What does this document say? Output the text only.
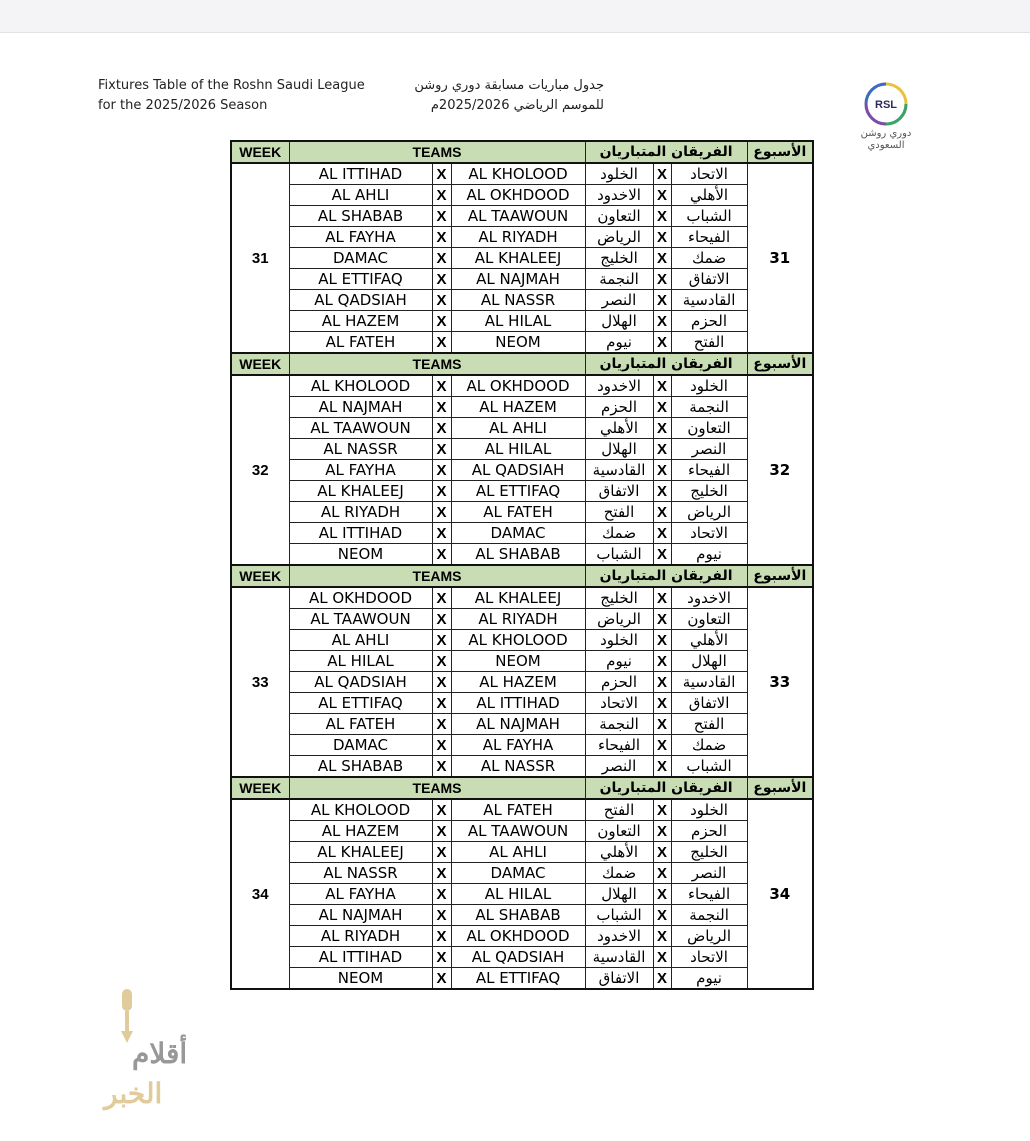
Fixtures Table of the Roshn Saudi League
for the 2025/2026 Season
جدول مباريات مسابقة دوري روشن
للموسم الرياضي 2025/2026م	RSL
دوري روشن
السعودي
WEEK	TEAMS			الفريقان المتباريان			الأسبوع
31	AL ITTIHAD	X	AL KHOLOOD	الخلود	X	الاتحاد	31
	AL AHLI	X	AL OKHDOOD	الاخدود	X	الأهلي	
	AL SHABAB	X	AL TAAWOUN	التعاون	X	الشباب	
	AL FAYHA	X	AL RIYADH	الرياض	X	الفيحاء	
	DAMAC	X	AL KHALEEJ	الخليج	X	ضمك	
	AL ETTIFAQ	X	AL NAJMAH	النجمة	X	الاتفاق	
	AL QADSIAH	X	AL NASSR	النصر	X	القادسية	
	AL HAZEM	X	AL HILAL	الهلال	X	الحزم	
	AL FATEH	X	NEOM	نيوم	X	الفتح	
WEEK	TEAMS			الفريقان المتباريان			الأسبوع
32	AL KHOLOOD	X	AL OKHDOOD	الاخدود	X	الخلود	32
	AL NAJMAH	X	AL HAZEM	الحزم	X	النجمة	
	AL TAAWOUN	X	AL AHLI	الأهلي	X	التعاون	
	AL NASSR	X	AL HILAL	الهلال	X	النصر	
	AL FAYHA	X	AL QADSIAH	القادسية	X	الفيحاء	
	AL KHALEEJ	X	AL ETTIFAQ	الاتفاق	X	الخليج	
	AL RIYADH	X	AL FATEH	الفتح	X	الرياض	
	AL ITTIHAD	X	DAMAC	ضمك	X	الاتحاد	
	NEOM	X	AL SHABAB	الشباب	X	نيوم	
WEEK	TEAMS			الفريقان المتباريان			الأسبوع
33	AL OKHDOOD	X	AL KHALEEJ	الخليج	X	الاخدود	33
	AL TAAWOUN	X	AL RIYADH	الرياض	X	التعاون	
	AL AHLI	X	AL KHOLOOD	الخلود	X	الأهلي	
	AL HILAL	X	NEOM	نيوم	X	الهلال	
	AL QADSIAH	X	AL HAZEM	الحزم	X	القادسية	
	AL ETTIFAQ	X	AL ITTIHAD	الاتحاد	X	الاتفاق	
	AL FATEH	X	AL NAJMAH	النجمة	X	الفتح	
	DAMAC	X	AL FAYHA	الفيحاء	X	ضمك	
	AL SHABAB	X	AL NASSR	النصر	X	الشباب	
WEEK	TEAMS			الفريقان المتباريان			الأسبوع
34	AL KHOLOOD	X	AL FATEH	الفتح	X	الخلود	34
	AL HAZEM	X	AL TAAWOUN	التعاون	X	الحزم	
	AL KHALEEJ	X	AL AHLI	الأهلي	X	الخليج	
	AL NASSR	X	DAMAC	ضمك	X	النصر	
	AL FAYHA	X	AL HILAL	الهلال	X	الفيحاء	
	AL NAJMAH	X	AL SHABAB	الشباب	X	النجمة	
	AL RIYADH	X	AL OKHDOOD	الاخدود	X	الرياض	
	AL ITTIHAD	X	AL QADSIAH	القادسية	X	الاتحاد	
	NEOM	X	AL ETTIFAQ	الاتفاق	X	نيوم	
أقلام
الخبر
